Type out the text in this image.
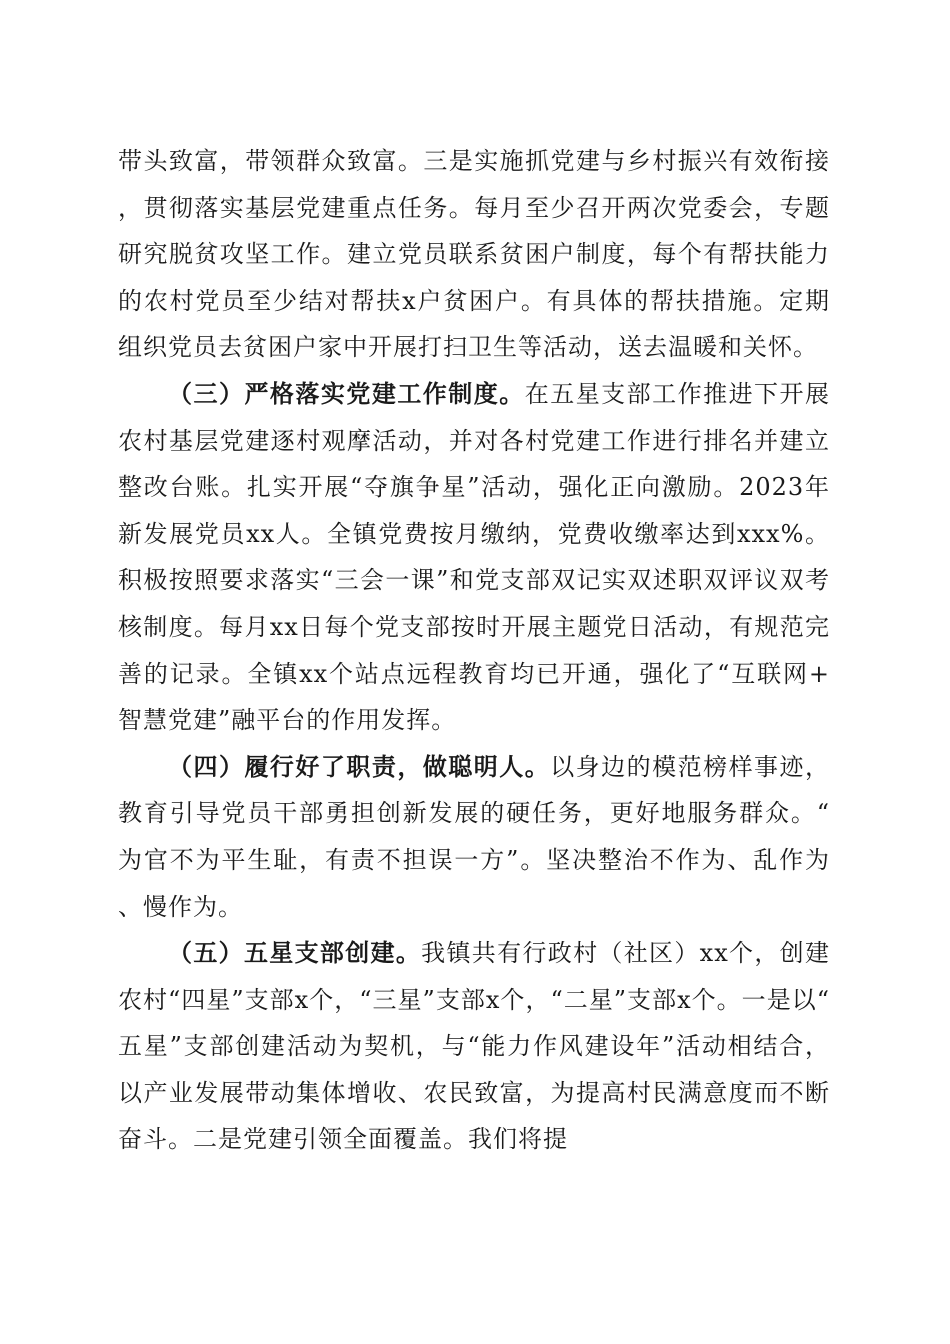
带头致富，带领群众致富。三是实施抓党建与乡村振兴有效衔接，贯彻落实基层党建重点任务。每月至少召开两次党委会，专题研究脱贫攻坚工作。建立党员联系贫困户制度，每个有帮扶能力的农村党员至少结对帮扶x户贫困户。有具体的帮扶措施。定期组织党员去贫困户家中开展打扫卫生等活动，送去温暖和关怀。

（三）严格落实党建工作制度。在五星支部工作推进下开展农村基层党建逐村观摩活动，并对各村党建工作进行排名并建立整改台账。扎实开展“夺旗争星”活动，强化正向激励。2023年新发展党员xx人。全镇党费按月缴纳，党费收缴率达到xxx%。积极按照要求落实“三会一课”和党支部双记实双述职双评议双考核制度。每月xx日每个党支部按时开展主题党日活动，有规范完善的记录。全镇xx个站点远程教育均已开通，强化了“互联网+智慧党建”融平台的作用发挥。

（四）履行好了职责，做聪明人。以身边的模范榜样事迹，教育引导党员干部勇担创新发展的硬任务，更好地服务群众。“为官不为平生耻，有责不担误一方”。坚决整治不作为、乱作为、慢作为。

（五）五星支部创建。我镇共有行政村（社区）xx个，创建农村“四星”支部x个，“三星”支部x个，“二星”支部x个。一是以“五星”支部创建活动为契机，与“能力作风建设年”活动相结合，以产业发展带动集体增收、农民致富，为提高村民满意度而不断奋斗。二是党建引领全面覆盖。我们将提
